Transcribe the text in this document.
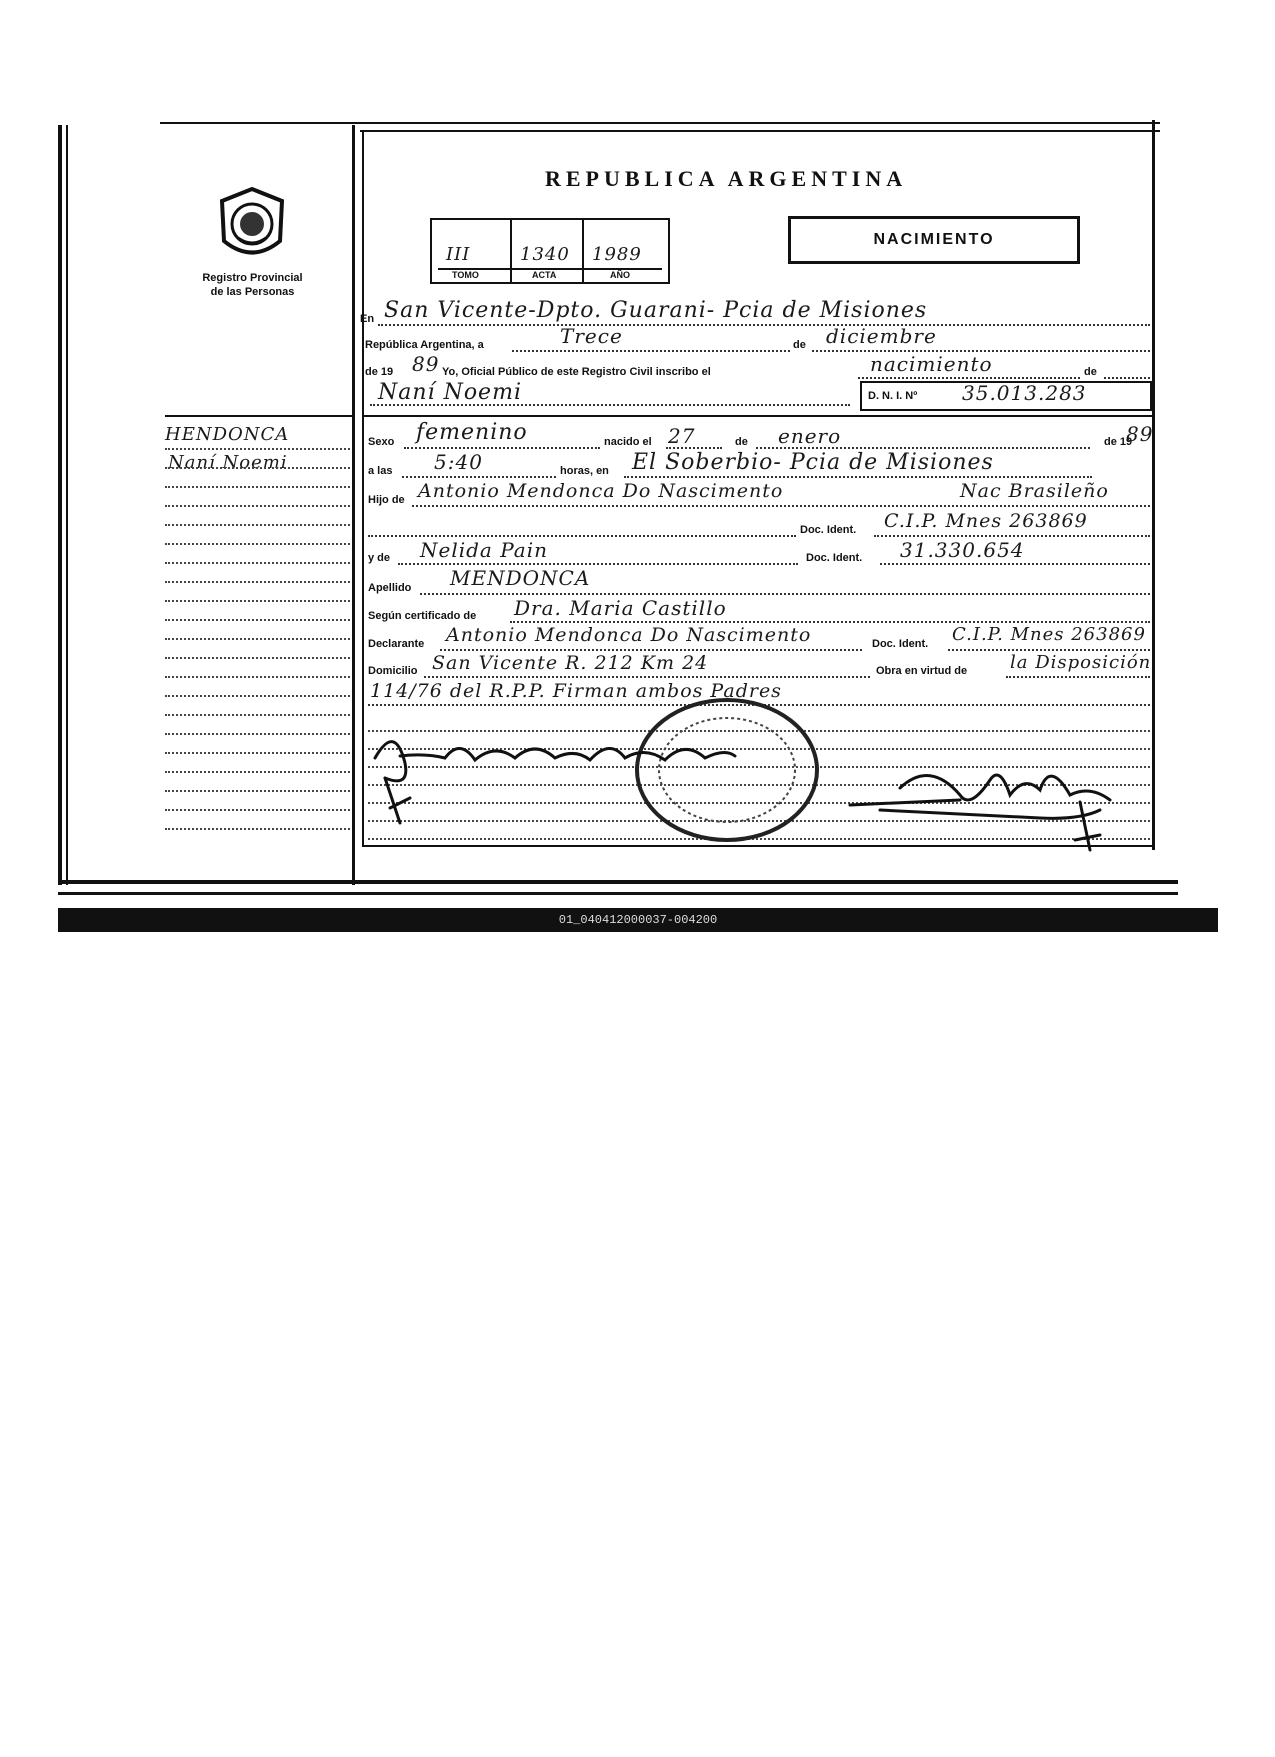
Registro Provincial
de las Personas
HENDONCA
Naní Noemi
REPUBLICA ARGENTINA
III	1340 1989
TOMO	ACTA	AÑO
NACIMIENTO
En San Vicente-Dpto. Guarani- Pcia de Misiones
República Argentina, a	Trece	de diciembre
de 19 89 Yo, Oficial Público de este Registro Civil inscribo el	nacimiento	de
Naní Noemi	D. N. I. Nº 35.013.283
Sexo femenino	nacido el 27	de enero	de 19
89
a las 5:40	horas, en El Soberbio- Pcia de Misiones
Hijo de Antonio Mendonca Do Nascimento	Nac Brasileño
Doc. Ident. C.I.P. Mnes 263869
y de Nelida Pain	Doc. Ident. 31.330.654
Apellido MENDONCA
Según certificado de Dra. Maria Castillo
Declarante Antonio Mendonca Do Nascimento	Doc. Ident. C.I.P. Mnes 263869
Domicilio San Vicente R. 212 Km 24	Obra en virtud de la Disposición
114/76 del R.P.P. Firman ambos Padres
01_040412000037-004200
